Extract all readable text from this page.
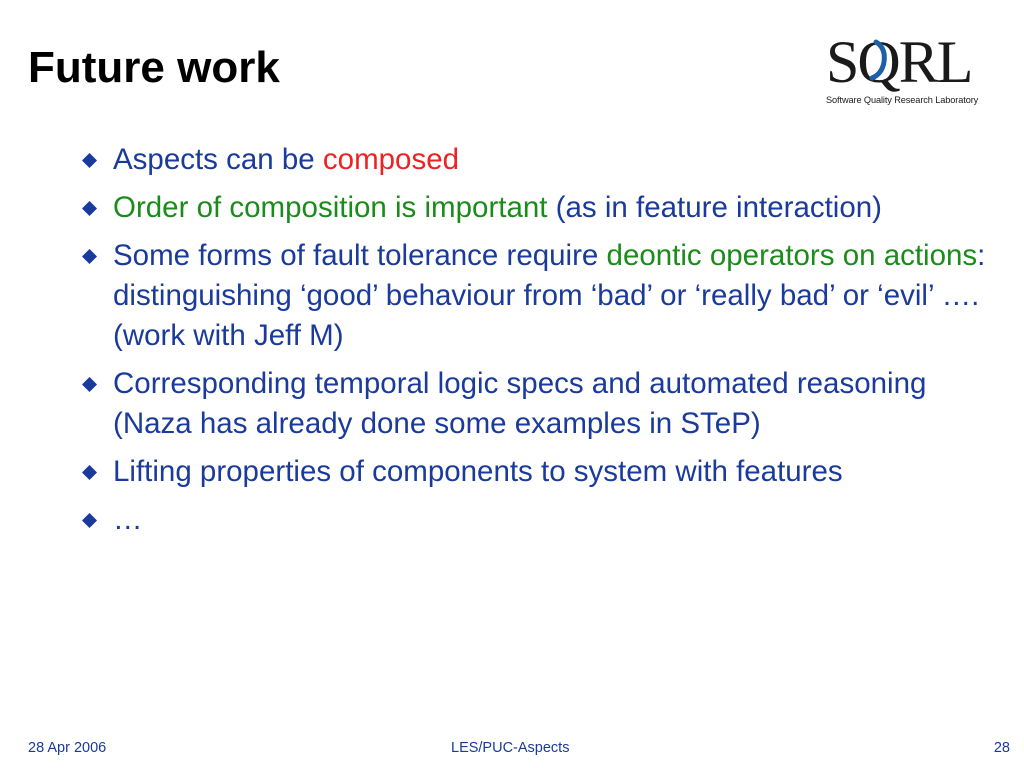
Future work	SQRL
Software Quality Research Laboratory
Aspects can be composed
Order of composition is important (as in feature interaction)
Some forms of fault tolerance require deontic operators on actions: distinguishing ‘good’ behaviour from ‘bad’ or ‘really bad’ or ‘evil’ …. (work with Jeff M)
Corresponding temporal logic specs and automated reasoning (Naza has already done some examples in STeP)
Lifting properties of components to system with features
…
28 Apr 2006	LES/PUC-Aspects	28
